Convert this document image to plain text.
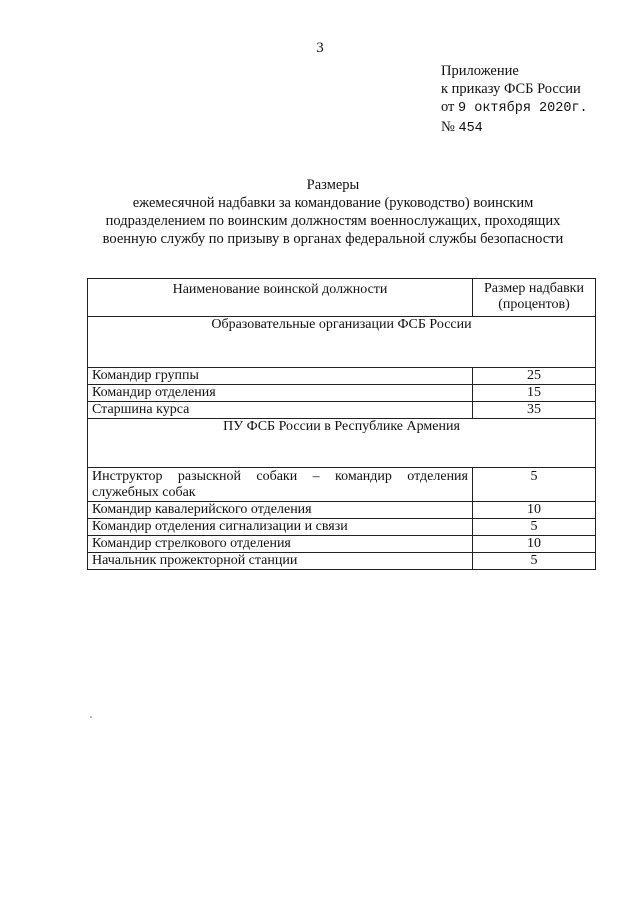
3
Приложение
к приказу ФСБ России
от 9 октября 2020г.
№ 454
Размеры
ежемесячной надбавки за командование (руководство) воинским
подразделением по воинским должностям военнослужащих, проходящих
военную службу по призыву в органах федеральной службы безопасности
Наименование воинской должности	Размер надбавки
(процентов)

Образовательные организации ФСБ России	
Командир группы	25
Командир отделения	15
Старшина курса	35
ПУ ФСБ России в Республике Армения	
Инструктор разыскной собаки – командир отделения служебных собак	5
Командир кавалерийского отделения	10
Командир отделения сигнализации и связи	5
Командир стрелкового отделения	10
Начальник прожекторной станции	5
